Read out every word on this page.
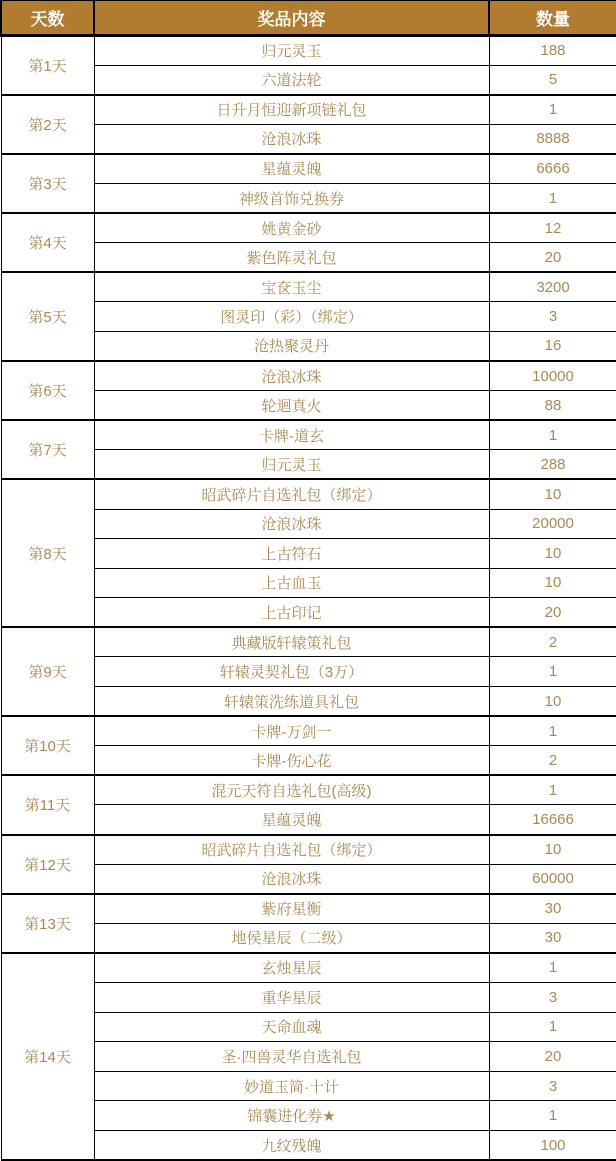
天数	奖品内容	数量
第1天	归元灵玉	188
	六道法轮	5
第2天	日升月恒迎新项链礼包	1
	沧浪冰珠	8888
第3天	星蕴灵魄	6666
	神级首饰兑换券	1
第4天	姚黄金砂	12
	紫色阵灵礼包	20
第5天	宝奁玉尘	3200
	图灵印（彩）（绑定）	3
	沧热聚灵丹	16
第6天	沧浪冰珠	10000
	轮迴真火	88
第7天	卡牌-道玄	1
	归元灵玉	288
第8天	昭武碎片自选礼包（绑定）	10
	沧浪冰珠	20000
	上古符石	10
	上古血玉	10
	上古印记	20
第9天	典藏版轩辕策礼包	2
	轩辕灵契礼包（3万）	1
	轩辕策洗练道具礼包	10
第10天	卡牌-万剑一	1
	卡牌-伤心花	2
第11天	混元天符自选礼包(高级)	1
	星蕴灵魄	16666
第12天	昭武碎片自选礼包（绑定）	10
	沧浪冰珠	60000
第13天	紫府星衡	30
	地侯星辰（二级）	30
第14天	玄烛星辰	1
	重华星辰	3
	天命血魂	1
	圣·四兽灵华自选礼包	20
	妙道玉简·十计	3
	锦囊进化券★	1
	九纹残魄	100
